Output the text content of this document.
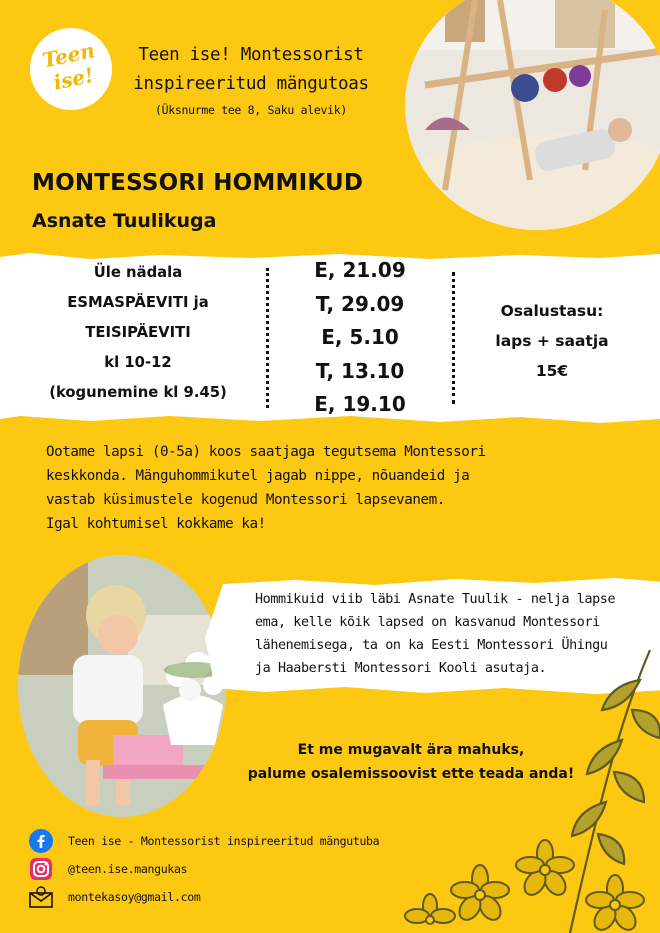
Teen ise!
Teen ise! Montessorist inspireeritud mängutoas
(Üksnurme tee 8, Saku alevik)
MONTESSORI HOMMIKUD
Asnate Tuulikuga
Üle nädala
ESMASPÄEVITI ja
TEISIPÄEVITI
kl 10-12
(kogunemine kl 9.45)
E, 21.09
T, 29.09
E, 5.10
T, 13.10
E, 19.10
Osalustasu:
laps + saatja
15€
Ootame lapsi (0-5a) koos saatjaga tegutsema Montessori
keskkonda. Mänguhommikutel jagab nippe, nõuandeid ja
vastab küsimustele kogenud Montessori lapsevanem.
Igal kohtumisel kokkame ka!
Hommikuid viib läbi Asnate Tuulik - nelja lapse
ema, kelle kõik lapsed on kasvanud Montessori
lähenemisega, ta on ka Eesti Montessori Ühingu
ja Haabersti Montessori Kooli asutaja.
Et me mugavalt ära mahuks,
palume osalemissoovist ette teada anda!
Teen ise - Montessorist inspireeritud mängutuba
@teen.ise.mangukas
montekasoy@gmail.com
